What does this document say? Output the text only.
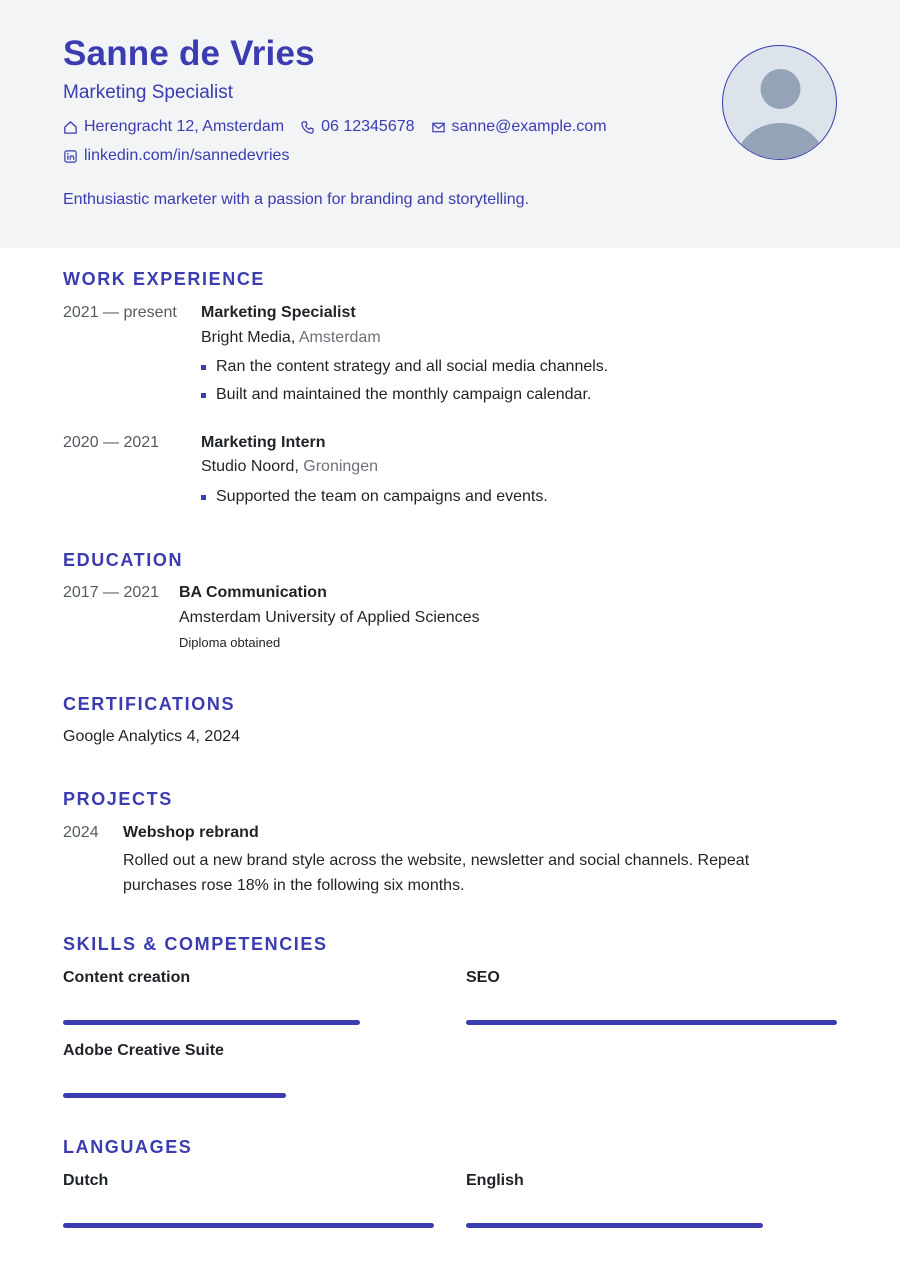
Sanne de Vries
Marketing Specialist
Herengracht 12, Amsterdam 06 12345678 sanne@example.com
linkedin.com/in/sannedevries
Enthusiastic marketer with a passion for branding and storytelling.
WORK EXPERIENCE
2021 — present Marketing Specialist
Bright Media, Amsterdam
Ran the content strategy and all social media channels.
Built and maintained the monthly campaign calendar.
2020 — 2021	Marketing Intern
Studio Noord, Groningen
Supported the team on campaigns and events.
EDUCATION
2017 — 2021 BA Communication
Amsterdam University of Applied Sciences
Diploma obtained
CERTIFICATIONS
Google Analytics 4, 2024
PROJECTS
2024 Webshop rebrand
Rolled out a new brand style across the website, newsletter and social channels. Repeat purchases rose 18% in the following six months.
SKILLS & COMPETENCIES
Content creation	SEO
Adobe Creative Suite
LANGUAGES
Dutch	English
